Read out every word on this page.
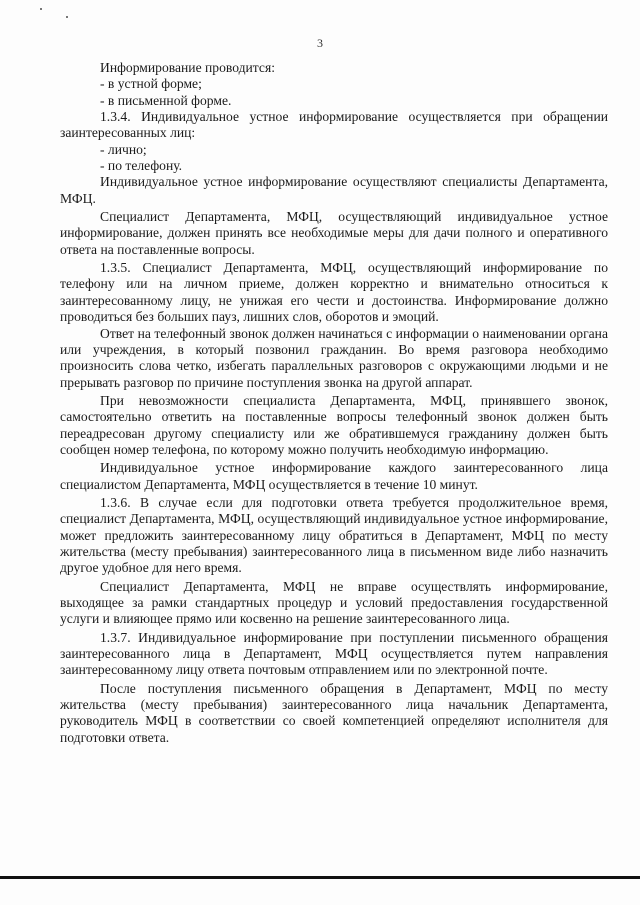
3

Информирование проводится:

- в устной форме;

- в письменной форме.

1.3.4. Индивидуальное устное информирование осуществляется при обращении заинтересованных лиц:

- лично;

- по телефону.

Индивидуальное устное информирование осуществляют специалисты Департамента, МФЦ.

Специалист Департамента, МФЦ, осуществляющий индивидуальное устное информирование, должен принять все необходимые меры для дачи полного и оперативного ответа на поставленные вопросы.

1.3.5. Специалист Департамента, МФЦ, осуществляющий информирование по телефону или на личном приеме, должен корректно и внимательно относиться к заинтересованному лицу, не унижая его чести и достоинства. Информирование должно проводиться без больших пауз, лишних слов, оборотов и эмоций.

Ответ на телефонный звонок должен начинаться с информации о наименовании органа или учреждения, в который позвонил гражданин. Во время разговора необходимо произносить слова четко, избегать параллельных разговоров с окружающими людьми и не прерывать разговор по причине поступления звонка на другой аппарат.

При невозможности специалиста Департамента, МФЦ, принявшего звонок, самостоятельно ответить на поставленные вопросы телефонный звонок должен быть переадресован другому специалисту или же обратившемуся гражданину должен быть сообщен номер телефона, по которому можно получить необходимую информацию.

Индивидуальное устное информирование каждого заинтересованного лица специалистом Департамента, МФЦ осуществляется в течение 10 минут.

1.3.6. В случае если для подготовки ответа требуется продолжительное время, специалист Департамента, МФЦ, осуществляющий индивидуальное устное информирование, может предложить заинтересованному лицу обратиться в Департамент, МФЦ по месту жительства (месту пребывания) заинтересованного лица в письменном виде либо назначить другое удобное для него время.

Специалист Департамента, МФЦ не вправе осуществлять информирование, выходящее за рамки стандартных процедур и условий предоставления государственной услуги и влияющее прямо или косвенно на решение заинтересованного лица.

1.3.7. Индивидуальное информирование при поступлении письменного обращения заинтересованного лица в Департамент, МФЦ осуществляется путем направления заинтересованному лицу ответа почтовым отправлением или по электронной почте.

После поступления письменного обращения в Департамент, МФЦ по месту жительства (месту пребывания) заинтересованного лица начальник Департамента, руководитель МФЦ в соответствии со своей компетенцией определяют исполнителя для подготовки ответа.
